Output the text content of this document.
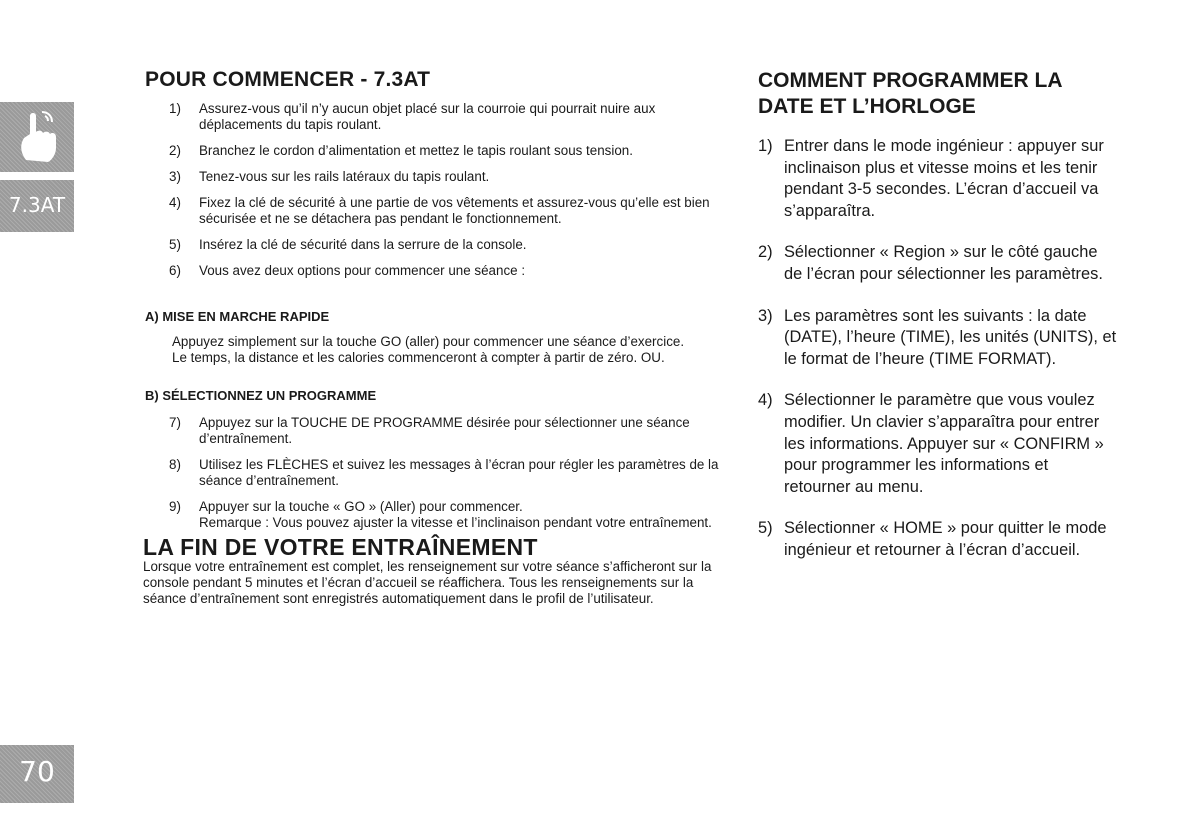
7.3AT
70
POUR COMMENCER - 7.3AT
1) Assurez-vous qu’il n’y aucun objet placé sur la courroie qui pourrait nuire aux déplacements du tapis roulant.
2) Branchez le cordon d’alimentation et mettez le tapis roulant sous tension.
3) Tenez-vous sur les rails latéraux du tapis roulant.
4) Fixez la clé de sécurité à une partie de vos vêtements et assurez-vous qu’elle est bien sécurisée et ne se détachera pas pendant le fonctionnement.
5) Insérez la clé de sécurité dans la serrure de la console.
6) Vous avez deux options pour commencer une séance :
A) MISE EN MARCHE RAPIDE

Appuyez simplement sur la touche GO (aller) pour commencer une séance d’exercice.

Le temps, la distance et les calories commenceront à compter à partir de zéro. OU.

B) SÉLECTIONNEZ UN PROGRAMME
7) Appuyez sur la TOUCHE DE PROGRAMME désirée pour sélectionner une séance d’entraînement.
8) Utilisez les FLÈCHES et suivez les messages à l’écran pour régler les paramètres de la séance d’entraînement.
9) Appuyer sur la touche « GO » (Aller) pour commencer.
Remarque : Vous pouvez ajuster la vitesse et l’inclinaison pendant votre entraînement.
LA FIN DE VOTRE ENTRAÎNEMENT

Lorsque votre entraînement est complet, les renseignement sur votre séance s’afficheront sur la console pendant 5 minutes et l’écran d’accueil se réaffichera. Tous les renseignements sur la séance d’entraînement sont enregistrés automatiquement dans le profil de l’utilisateur.

COMMENT PROGRAMMER LA
DATE ET L’HORLOGE
1) Entrer dans le mode ingénieur : appuyer sur inclinaison plus et vitesse moins et les tenir pendant 3-5 secondes. L’écran d’accueil va s’apparaîtra.
2) Sélectionner « Region » sur le côté gauche de l’écran pour sélectionner les paramètres.
3) Les paramètres sont les suivants : la date (DATE), l’heure (TIME), les unités (UNITS), et le format de l’heure (TIME FORMAT).
4) Sélectionner le paramètre que vous voulez modifier. Un clavier s’apparaîtra pour entrer les informations. Appuyer sur « CONFIRM » pour programmer les informations et retourner au menu.
5) Sélectionner « HOME » pour quitter le mode ingénieur et retourner à l’écran d’accueil.
